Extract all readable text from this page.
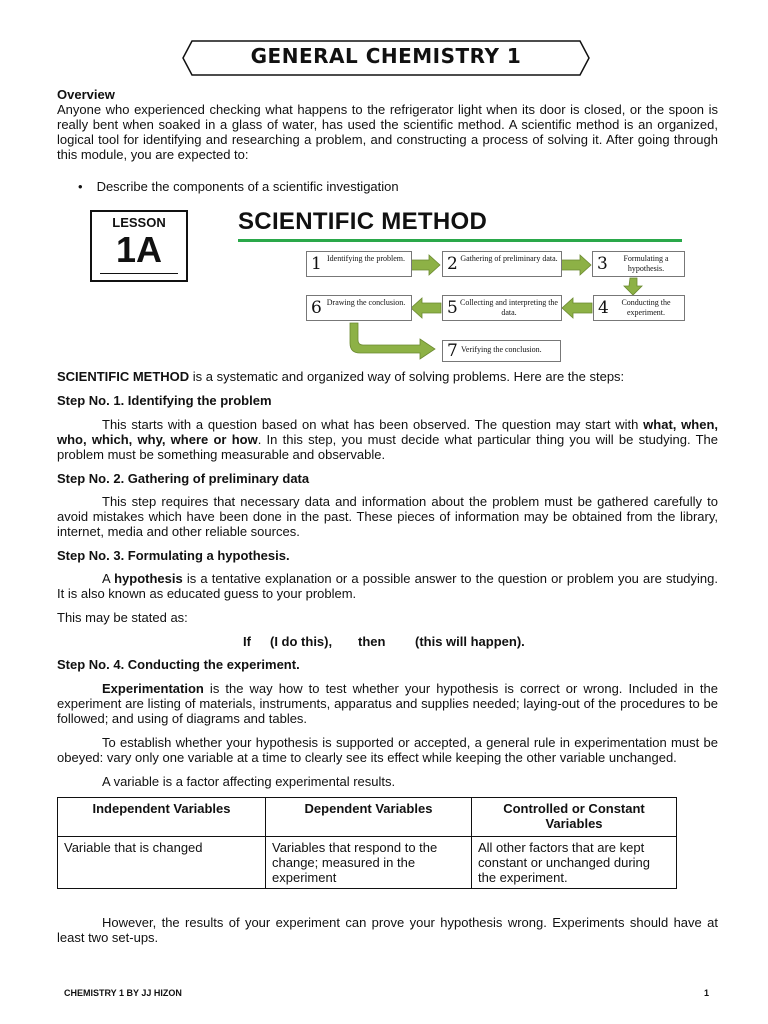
GENERAL CHEMISTRY 1
Overview
Anyone who experienced checking what happens to the refrigerator light when its door is closed, or the spoon is really bent when soaked in a glass of water, has used the scientific method. A scientific method is an organized, logical tool for identifying and researching a problem, and constructing a process of solving it. After going through this module, you are expected to:
• Describe the components of a scientific investigation
LESSON
1A
SCIENTIFIC METHOD
1 Identifying the problem. 2 Gathering of preliminary data. 3	Formulating a hypothesis.
4	Conducting the experiment.
5 Collecting and interpreting the data.
6 Drawing the conclusion.
7 Verifying the conclusion.
SCIENTIFIC METHOD is a systematic and organized way of solving problems. Here are the steps:
Step No. 1. Identifying the problem
This starts with a question based on what has been observed. The question may start with what, when, who, which, why, where or how. In this step, you must decide what particular thing you will be studying. The problem must be something measurable and observable.
Step No. 2. Gathering of preliminary data
This step requires that necessary data and information about the problem must be gathered carefully to avoid mistakes which have been done in the past. These pieces of information may be obtained from the library, internet, media and other reliable sources.
Step No. 3. Formulating a hypothesis.
A hypothesis is a tentative explanation or a possible answer to the question or problem you are studying. It is also known as educated guess to your problem.
This may be stated as:
If (I do this), then (this will happen).
Step No. 4. Conducting the experiment.
Experimentation is the way how to test whether your hypothesis is correct or wrong. Included in the experiment are listing of materials, instruments, apparatus and supplies needed; laying-out of the procedures to be followed; and using of diagrams and tables.
To establish whether your hypothesis is supported or accepted, a general rule in experimentation must be obeyed: vary only one variable at a time to clearly see its effect while keeping the other variable unchanged.
A variable is a factor affecting experimental results.
Independent Variables	Dependent Variables	Controlled or Constant Variables
Variable that is changed	Variables that respond to the change; measured in the experiment	All other factors that are kept constant or unchanged during the experiment.
However, the results of your experiment can prove your hypothesis wrong. Experiments should have at least two set-ups.
CHEMISTRY 1 BY JJ HIZON	1
